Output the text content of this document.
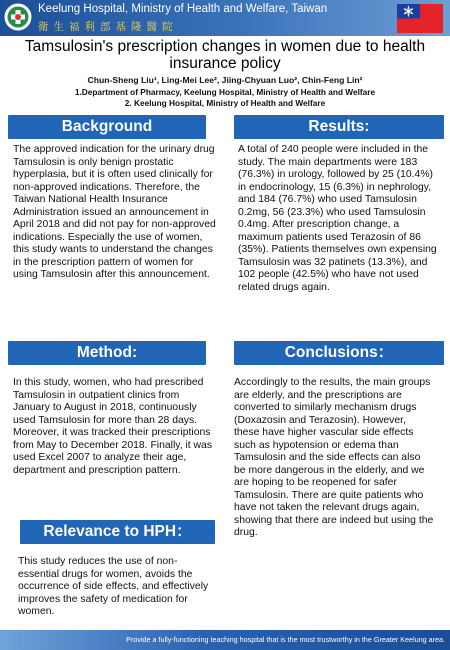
Keelung Hospital, Ministry of Health and Welfare, Taiwan
衛生福利部基隆醫院
Tamsulosin's prescription changes in women due to health insurance policy
Chun-Sheng Liu¹, Ling-Mei Lee², Jiing-Chyuan Luo², Chin-Feng Lin²
1.Department of Pharmacy, Keelung Hospital, Ministry of Health and Welfare
2. Keelung Hospital, Ministry of Health and Welfare
Background
The approved indication for the urinary drug Tamsulosin is only benign prostatic hyperplasia, but it is often used clinically for non-approved indications. Therefore, the Taiwan National Health Insurance Administration issued an announcement in April 2018 and did not pay for non-approved indications. Especially the use of women, this study wants to understand the changes in the prescription pattern of women for using Tamsulosin after this announcement.
Method:
In this study, women, who had prescribed Tamsulosin in outpatient clinics from January to August in 2018, continuously used Tamsulosin for more than 28 days. Moreover, it was tracked their prescriptions from May to December 2018. Finally, it was used Excel 2007 to analyze their age, department and prescription pattern.
Relevance to HPH：
This study reduces the use of non-essential drugs for women, avoids the occurrence of side effects, and effectively improves the safety of medication for women.
Results:
A total of 240 people were included in the study. The main departments were 183 (76.3%) in urology, followed by 25 (10.4%) in endocrinology, 15 (6.3%) in nephrology, and 184 (76.7%) who used Tamsulosin 0.2mg, 56 (23.3%) who used Tamsulosin 0.4mg. After prescription change, a maximum patients used Terazosin of 86 (35%). Patients themselves own expensing Tamsulosin was 32 patinets (13.3%), and 102 people (42.5%) who have not used related drugs again.
Conclusions：
Accordingly to the results, the main groups are elderly, and the prescriptions are converted to similarly mechanism drugs (Doxazosin and Terazosin). However, these have higher vascular side effects such as hypotension or edema than Tamsulosin and the side effects can also be more dangerous in the elderly, and we are hoping to be reopened for safer Tamsulosin. There are quite patients who have not taken the relevant drugs again, showing that there are indeed but using the drug.
Provide a fully-functioning teaching hospital that is the most trustworthy in the Greater Keelung area.
